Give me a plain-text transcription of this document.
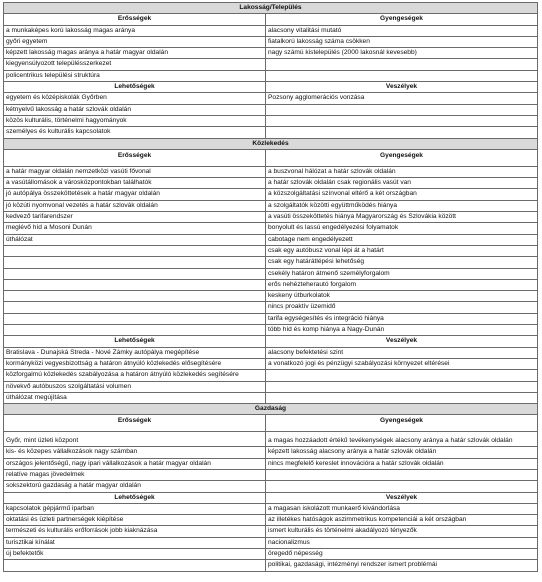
Lakosság/Település	
Erősségek	Gyengeségek
a munkaképes korú lakosság magas aránya	alacsony vitalitási mutató
győri egyetem	fiatalkorú lakosság száma csökken
képzett lakosság magas aránya a határ magyar oldalán	nagy számú kistelepülés (2000 lakosnál kevesebb)
kiegyensúlyozott településszerkezet	
policentrikus települési struktúra	
Lehetőségek	Veszélyek
egyetem és középiskolák Győrben	Pozsony agglomerációs vonzása
kétnyelvű lakosság a határ szlovák oldalán	
közös kulturális, történelmi hagyományok	
személyes és kulturális kapcsolatok	
Közlekedés	
Erősségek	Gyengeségek
a határ magyar oldalán nemzetközi vasúti fővonal	a buszvonal hálózat a határ szlovák oldalán
a vasútállomások a városközpontokban találhatók	a határ szlovák oldalán csak regionális vasút van
jó autópálya összeköttetések a határ magyar oldalán	a közszolgáltatási színvonal eltérő a két országban
jó közúti nyomvonal vezetés a határ szlovák oldalán	a szolgáltatók közötti együttműködés hiánya
kedvező tarifarendszer	a vasúti összeköttetés hiánya Magyarország és Szlovákia között
meglévő híd a Mosoni Dunán	bonyolult és lassú engedélyezési folyamatok
úthálózat	cabotage nem engedélyezett
	csak egy autóbusz vonal lépi át a határt
	csak egy határátlépési lehetőség
	csekély határon átmenő személyforgalom
	erős nehézteherautó forgalom
	keskeny útburkolatok
	nincs proaktív üzemidő
	tarifa egységesítés és integráció hiánya
	több híd és komp hiánya a Nagy-Dunán
Lehetőségek	Veszélyek
Bratislava - Dunajská Streda - Nové Zámky autópálya megépítése	alacsony befektetési szint
kormányközi vegyesbizottság a határon átnyúló közlekedés elősegítésére	a vonatkozó jogi és pénzügyi szabályozási környezet eltérései
közforgalmú közlekedés szabályozása a határon átnyúló közlekedés segítésére	
növekvő autóbuszos szolgáltatási volumen	
úthálózat megújítása	
Gazdaság	
Erősségek	Gyengeségek
Győr, mint üzleti központ	a magas hozzáadott értékű tevékenységek alacsony aránya a határ szlovák oldalán
kis- és közepes vállalkozások nagy számban	képzett lakosság alacsony aránya a határ szlovák oldalán
országos jelentőségű, nagy ipari vállalkozások a határ magyar oldalán	nincs megfelelő kereslet innovációra a határ szlovák oldalán
relatíve magas jövedelmek	
sokszektorú gazdaság a határ magyar oldalán	
Lehetőségek	Veszélyek
kapcsolatok gépjármű iparban	a magasan iskolázott munkaerő kivándorlása
oktatási és üzleti partnerségek kiépítése	az illetékes hatóságok aszimmetrikus kompetenciái a két országban
természeti és kulturális erőforrások jobb kiaknázása	ismert kulturális és történelmi akadályozó tényezők
turisztikai kínálat	nacionalizmus
új befektetők	öregedő népesség
	politikai, gazdasági, intézményi rendszer ismert problémái
